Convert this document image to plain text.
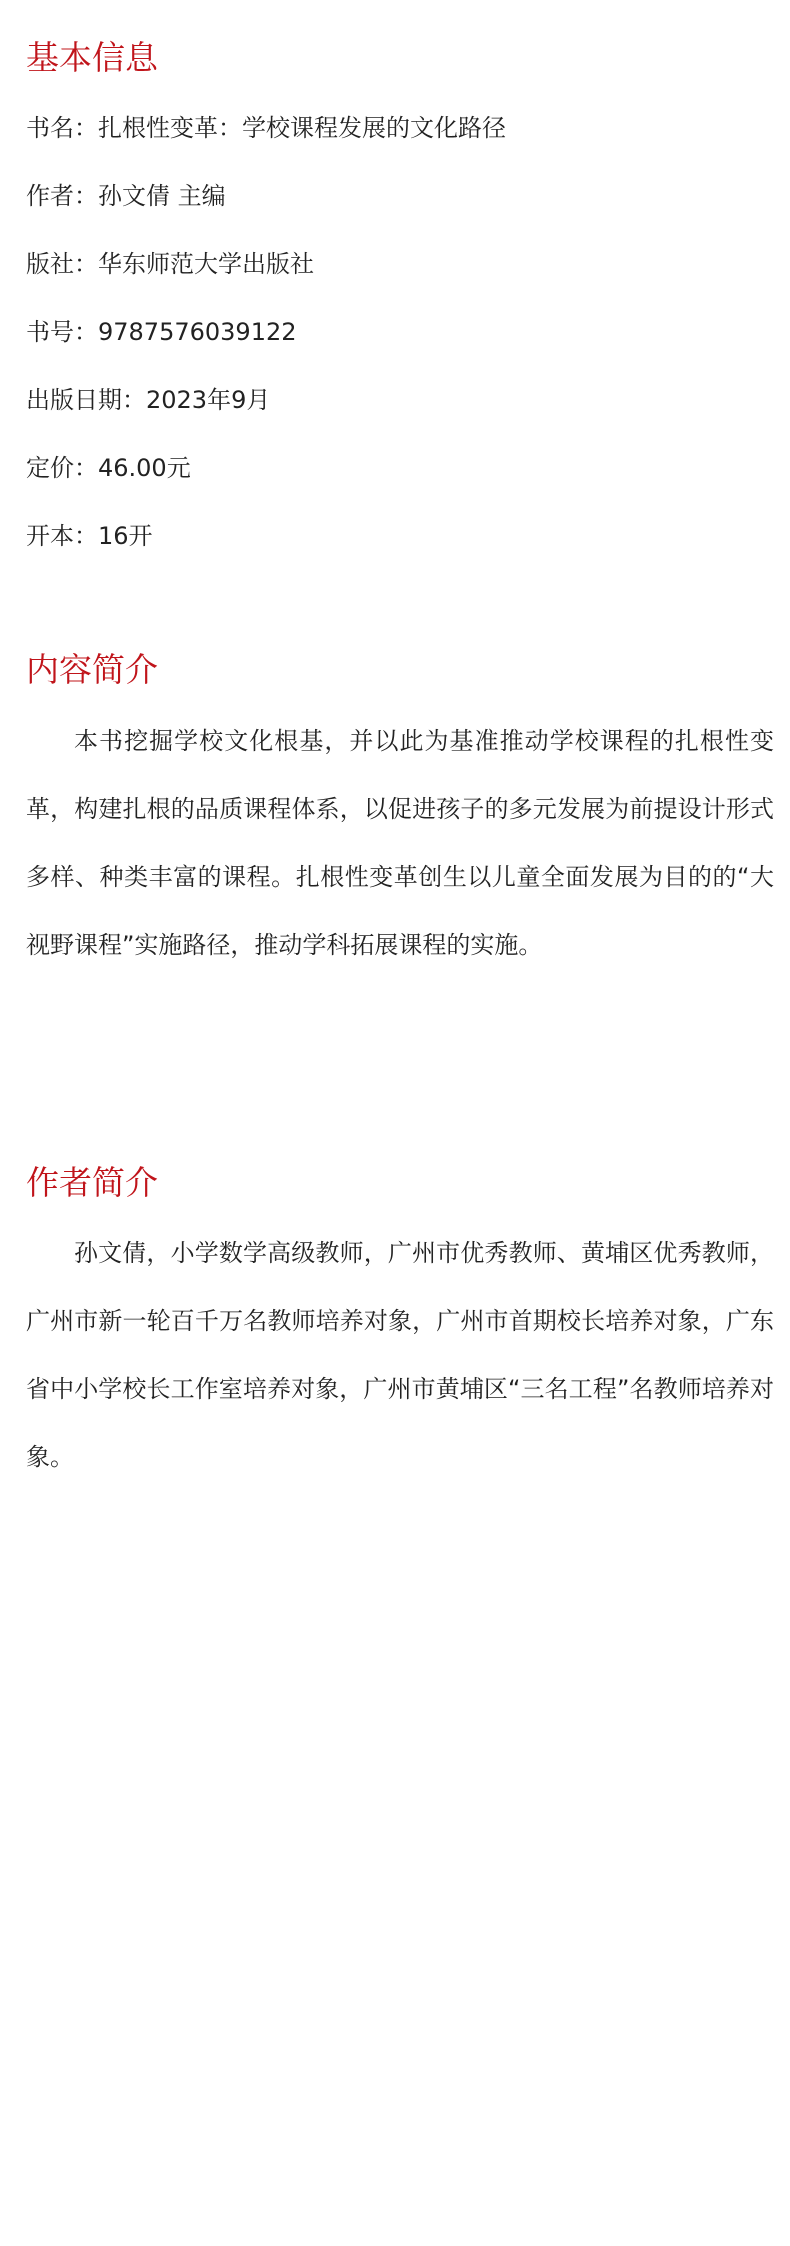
基本信息

书名：扎根性变革：学校课程发展的文化路径

作者：孙文倩 主编

版社：华东师范大学出版社

书号：9787576039122

出版日期：2023年9月

定价：46.00元

开本：16开

内容简介

本书挖掘学校文化根基，并以此为基准推动学校课程的扎根性变革，构建扎根的品质课程体系，以促进孩子的多元发展为前提设计形式多样、种类丰富的课程。扎根性变革创生以儿童全面发展为目的的“大视野课程”实施路径，推动学科拓展课程的实施。

作者简介

孙文倩，小学数学高级教师，广州市优秀教师、黄埔区优秀教师，广州市新一轮百千万名教师培养对象，广州市首期校长培养对象，广东省中小学校长工作室培养对象，广州市黄埔区“三名工程”名教师培养对象。
